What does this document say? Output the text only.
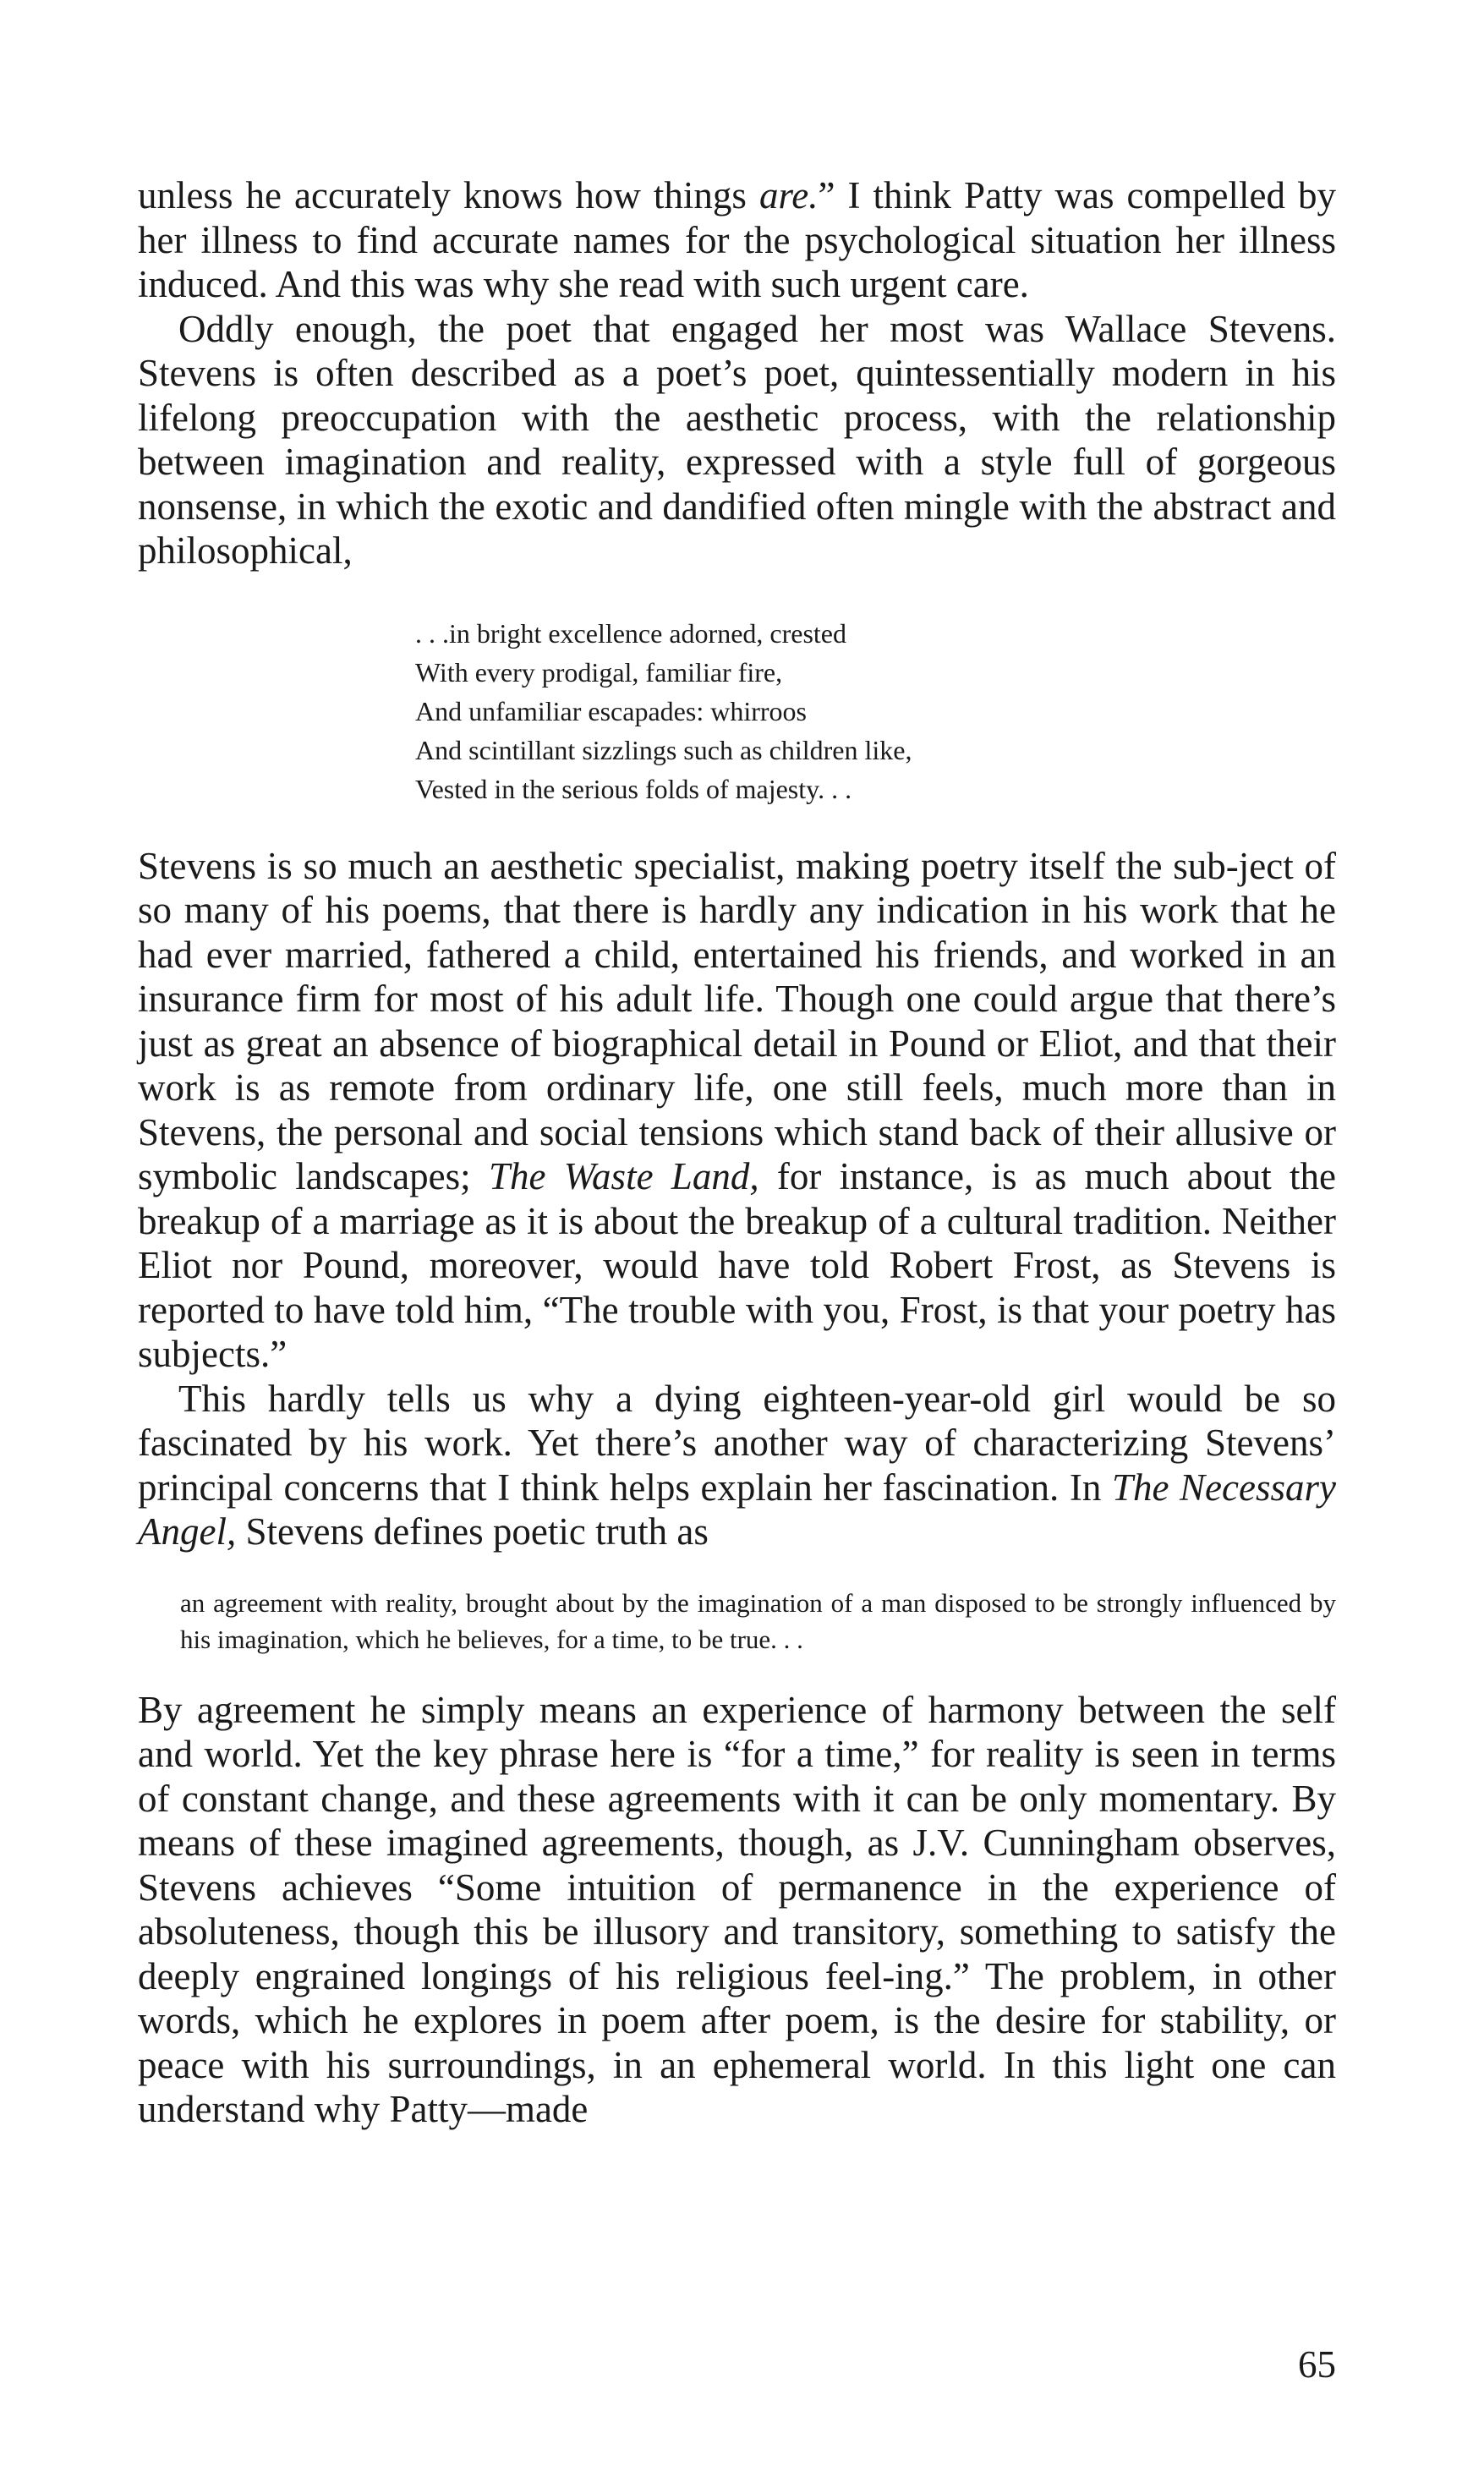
unless he accurately knows how things are.” I think Patty was compelled by her illness to find accurate names for the psychological situation her illness induced. And this was why she read with such urgent care.

Oddly enough, the poet that engaged her most was Wallace Stevens. Stevens is often described as a poet’s poet, quintessentially modern in his lifelong preoccupation with the aesthetic process, with the relationship between imagination and reality, expressed with a style full of gorgeous nonsense, in which the exotic and dandified often mingle with the abstract and philosophical,

. . .in bright excellence adorned, crested
With every prodigal, familiar fire,
And unfamiliar escapades: whirroos
And scintillant sizzlings such as children like,
Vested in the serious folds of majesty. . .

Stevens is so much an aesthetic specialist, making poetry itself the sub-ject of so many of his poems, that there is hardly any indication in his work that he had ever married, fathered a child, entertained his friends, and worked in an insurance firm for most of his adult life. Though one could argue that there’s just as great an absence of biographical detail in Pound or Eliot, and that their work is as remote from ordinary life, one still feels, much more than in Stevens, the personal and social tensions which stand back of their allusive or symbolic landscapes; The Waste Land, for instance, is as much about the breakup of a marriage as it is about the breakup of a cultural tradition. Neither Eliot nor Pound, moreover, would have told Robert Frost, as Stevens is reported to have told him, “The trouble with you, Frost, is that your poetry has subjects.”

This hardly tells us why a dying eighteen-year-old girl would be so fascinated by his work. Yet there’s another way of characterizing Stevens’ principal concerns that I think helps explain her fascination. In The Necessary Angel, Stevens defines poetic truth as

an agreement with reality, brought about by the imagination of a man disposed to be strongly influenced by his imagination, which he believes, for a time, to be true. . .

By agreement he simply means an experience of harmony between the self and world. Yet the key phrase here is “for a time,” for reality is seen in terms of constant change, and these agreements with it can be only momentary. By means of these imagined agreements, though, as J.V. Cunningham observes, Stevens achieves “Some intuition of permanence in the experience of absoluteness, though this be illusory and transitory, something to satisfy the deeply engrained longings of his religious feel-ing.” The problem, in other words, which he explores in poem after poem, is the desire for stability, or peace with his surroundings, in an ephemeral world. In this light one can understand why Patty—made

65
